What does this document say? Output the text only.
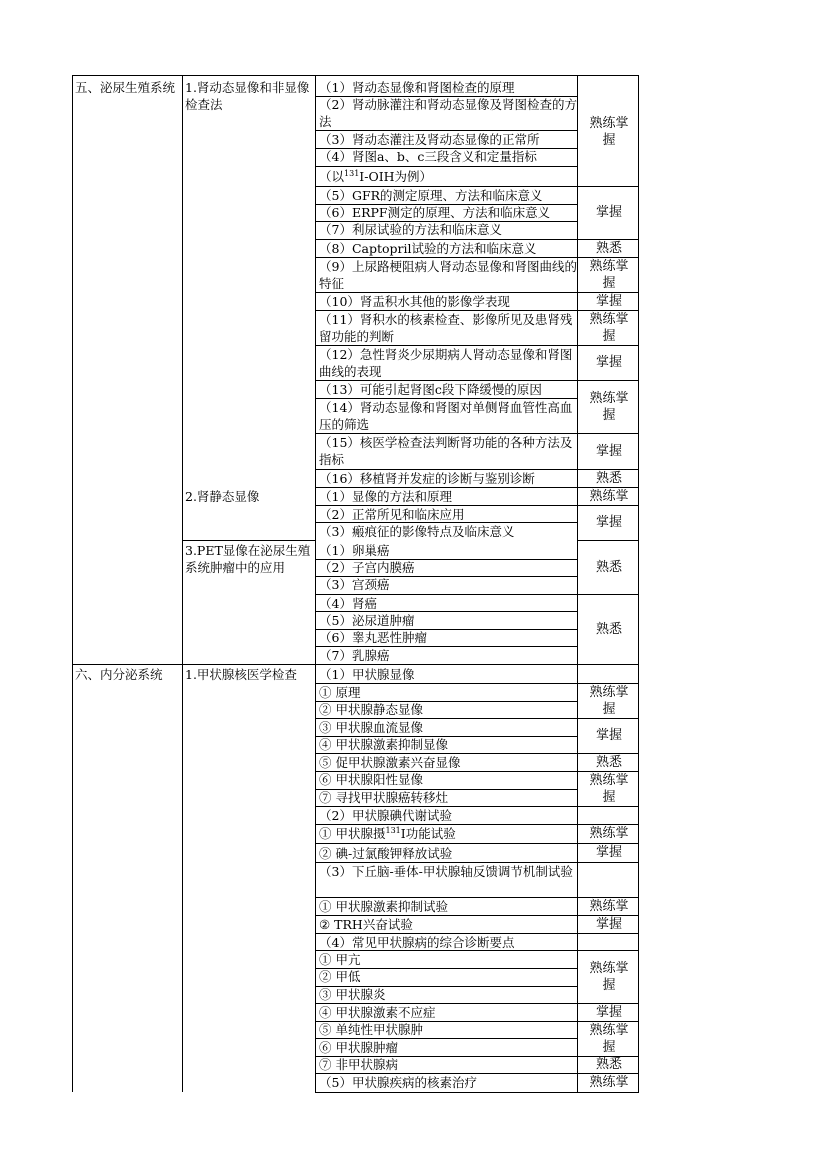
五、泌尿生殖系统
六、内分泌系统
1.肾动态显像和非显像检查法
2.肾静态显像
3.PET显像在泌尿生殖系统肿瘤中的应用
1.甲状腺核医学检查
（1）肾动态显像和肾图检查的原理
（2）肾动脉灌注和肾动态显像及肾图检查的方法
（3）肾动态灌注及肾动态显像的正常所
（4）肾图a、b、c三段含义和定量指标
（以$^{131}$I-OIH为例）
（5）GFR的测定原理、方法和临床意义
（6）ERPF测定的原理、方法和临床意义
（7）利尿试验的方法和临床意义
（8）Captopril试验的方法和临床意义
（9）上尿路梗阻病人肾动态显像和肾图曲线的特征
（10）肾盂积水其他的影像学表现
（11）肾积水的核素检查、影像所见及患肾残留功能的判断
（12）急性肾炎少尿期病人肾动态显像和肾图曲线的表现
（13）可能引起肾图c段下降缓慢的原因
（14）肾动态显像和肾图对单侧肾血管性高血压的筛选
（15）核医学检查法判断肾功能的各种方法及指标
（16）移植肾并发症的诊断与鉴别诊断
（1）显像的方法和原理
（2）正常所见和临床应用
（3）瘢痕征的影像特点及临床意义
（1）卵巢癌
（2）子宫内膜癌
（3）宫颈癌
（4）肾癌
（5）泌尿道肿瘤
（6）睾丸恶性肿瘤
（7）乳腺癌
（1）甲状腺显像
① 原理
② 甲状腺静态显像
③ 甲状腺血流显像
④ 甲状腺激素抑制显像
⑤ 促甲状腺激素兴奋显像
⑥ 甲状腺阳性显像
⑦ 寻找甲状腺癌转移灶
（2）甲状腺碘代谢试验
① 甲状腺摄$^{131}$I功能试验
② 碘-过氯酸钾释放试验
（3）下丘脑-垂体-甲状腺轴反馈调节机制试验
① 甲状腺激素抑制试验
② TRH兴奋试验
（4）常见甲状腺病的综合诊断要点
① 甲亢
② 甲低
③ 甲状腺炎
④ 甲状腺激素不应症
⑤ 单纯性甲状腺肿
⑥ 甲状腺肿瘤
⑦ 非甲状腺病
（5）甲状腺疾病的核素治疗
熟练掌握
掌握
熟悉
熟练掌握
掌握
熟练掌握
掌握
熟练掌握
掌握
熟悉
熟练掌
掌握
熟悉
熟悉
熟练掌握
掌握
熟悉
熟练掌握
熟练掌
掌握
熟练掌
掌握
熟练掌握
掌握
熟练掌握
熟悉
熟练掌
